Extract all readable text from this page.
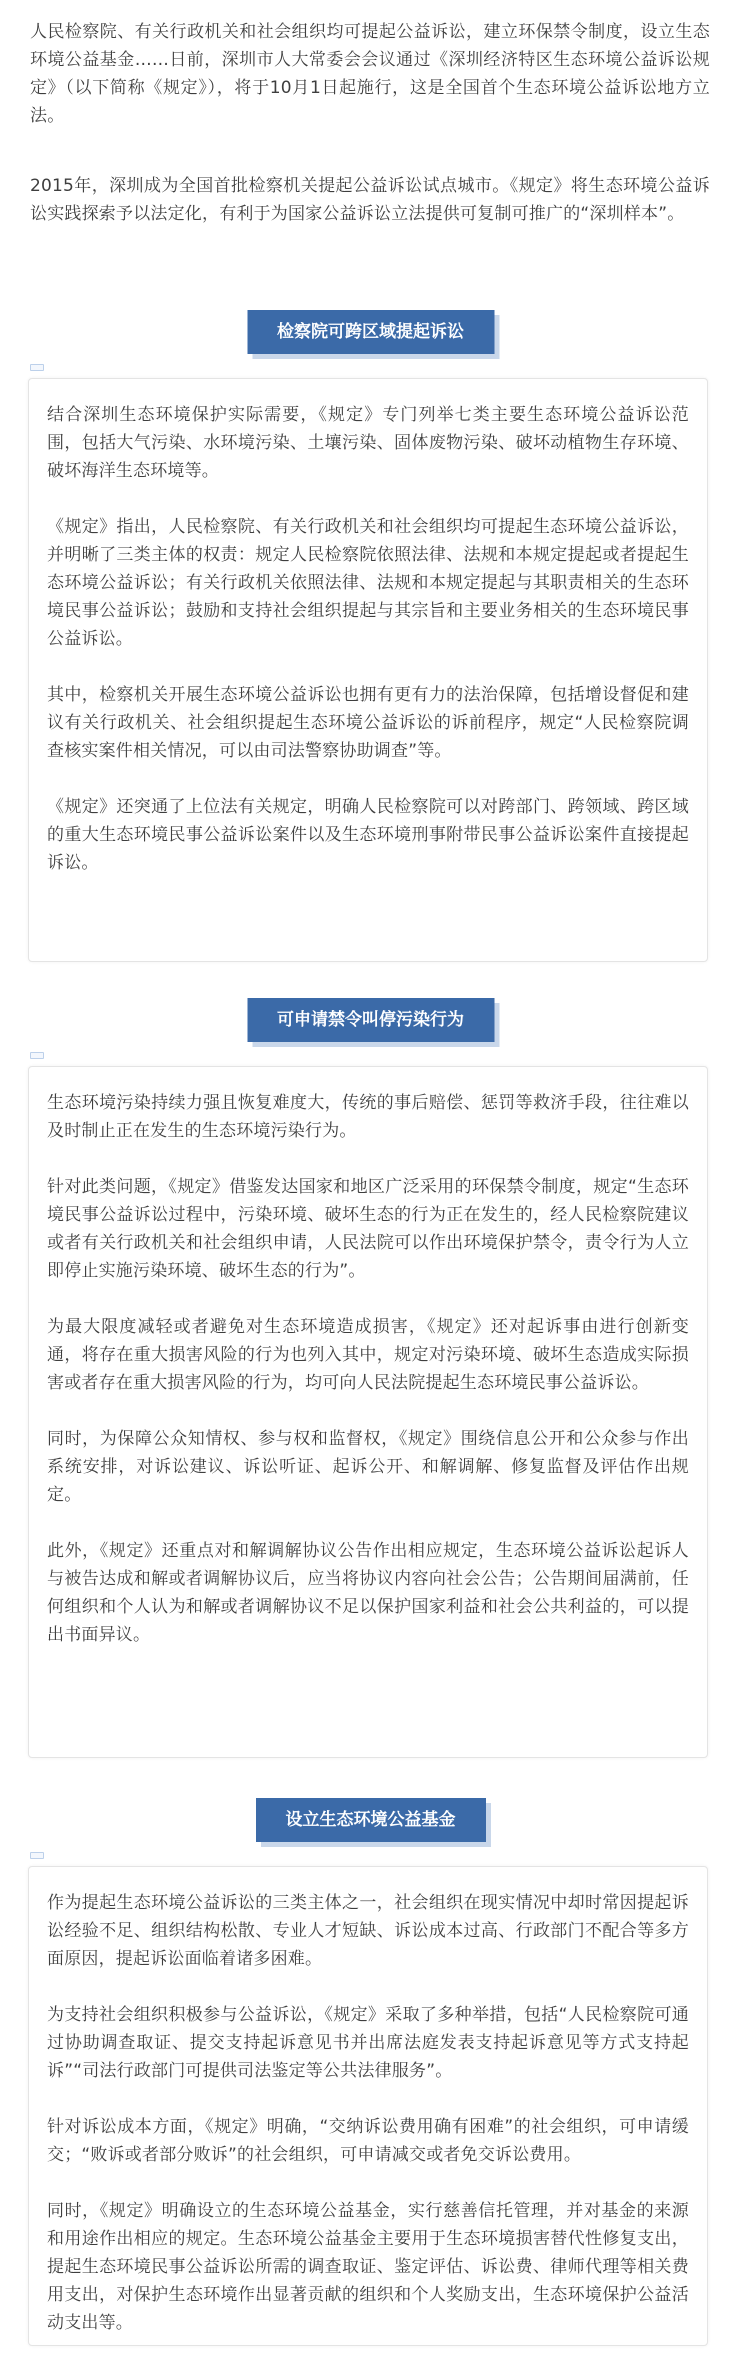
人民检察院、有关行政机关和社会组织均可提起公益诉讼，建立环保禁令制度，设立生态环境公益基金……日前，深圳市人大常委会会议通过《深圳经济特区生态环境公益诉讼规定》（以下简称《规定》），将于10月1日起施行，这是全国首个生态环境公益诉讼地方立法。

2015年，深圳成为全国首批检察机关提起公益诉讼试点城市。《规定》将生态环境公益诉讼实践探索予以法定化，有利于为国家公益诉讼立法提供可复制可推广的“深圳样本”。

检察院可跨区域提起诉讼

结合深圳生态环境保护实际需要，《规定》专门列举七类主要生态环境公益诉讼范围，包括大气污染、水环境污染、土壤污染、固体废物污染、破坏动植物生存环境、破坏海洋生态环境等。

《规定》指出，人民检察院、有关行政机关和社会组织均可提起生态环境公益诉讼，并明晰了三类主体的权责：规定人民检察院依照法律、法规和本规定提起或者提起生态环境公益诉讼；有关行政机关依照法律、法规和本规定提起与其职责相关的生态环境民事公益诉讼；鼓励和支持社会组织提起与其宗旨和主要业务相关的生态环境民事公益诉讼。

其中，检察机关开展生态环境公益诉讼也拥有更有力的法治保障，包括增设督促和建议有关行政机关、社会组织提起生态环境公益诉讼的诉前程序，规定“人民检察院调查核实案件相关情况，可以由司法警察协助调查”等。

《规定》还突通了上位法有关规定，明确人民检察院可以对跨部门、跨领域、跨区域的重大生态环境民事公益诉讼案件以及生态环境刑事附带民事公益诉讼案件直接提起诉讼。

可申请禁令叫停污染行为

生态环境污染持续力强且恢复难度大，传统的事后赔偿、惩罚等救济手段，往往难以及时制止正在发生的生态环境污染行为。

针对此类问题，《规定》借鉴发达国家和地区广泛采用的环保禁令制度，规定“生态环境民事公益诉讼过程中，污染环境、破坏生态的行为正在发生的，经人民检察院建议或者有关行政机关和社会组织申请，人民法院可以作出环境保护禁令，责令行为人立即停止实施污染环境、破坏生态的行为”。

为最大限度减轻或者避免对生态环境造成损害，《规定》还对起诉事由进行创新变通，将存在重大损害风险的行为也列入其中，规定对污染环境、破坏生态造成实际损害或者存在重大损害风险的行为，均可向人民法院提起生态环境民事公益诉讼。

同时，为保障公众知情权、参与权和监督权，《规定》围绕信息公开和公众参与作出系统安排，对诉讼建议、诉讼听证、起诉公开、和解调解、修复监督及评估作出规定。

此外，《规定》还重点对和解调解协议公告作出相应规定，生态环境公益诉讼起诉人与被告达成和解或者调解协议后，应当将协议内容向社会公告；公告期间届满前，任何组织和个人认为和解或者调解协议不足以保护国家利益和社会公共利益的，可以提出书面异议。

设立生态环境公益基金

作为提起生态环境公益诉讼的三类主体之一，社会组织在现实情况中却时常因提起诉讼经验不足、组织结构松散、专业人才短缺、诉讼成本过高、行政部门不配合等多方面原因，提起诉讼面临着诸多困难。

为支持社会组织积极参与公益诉讼，《规定》采取了多种举措，包括“人民检察院可通过协助调查取证、提交支持起诉意见书并出席法庭发表支持起诉意见等方式支持起诉”“司法行政部门可提供司法鉴定等公共法律服务”。

针对诉讼成本方面，《规定》明确，“交纳诉讼费用确有困难”的社会组织，可申请缓交；“败诉或者部分败诉”的社会组织，可申请减交或者免交诉讼费用。

同时，《规定》明确设立的生态环境公益基金，实行慈善信托管理，并对基金的来源和用途作出相应的规定。生态环境公益基金主要用于生态环境损害替代性修复支出，提起生态环境民事公益诉讼所需的调查取证、鉴定评估、诉讼费、律师代理等相关费用支出，对保护生态环境作出显著贡献的组织和个人奖励支出，生态环境保护公益活动支出等。
